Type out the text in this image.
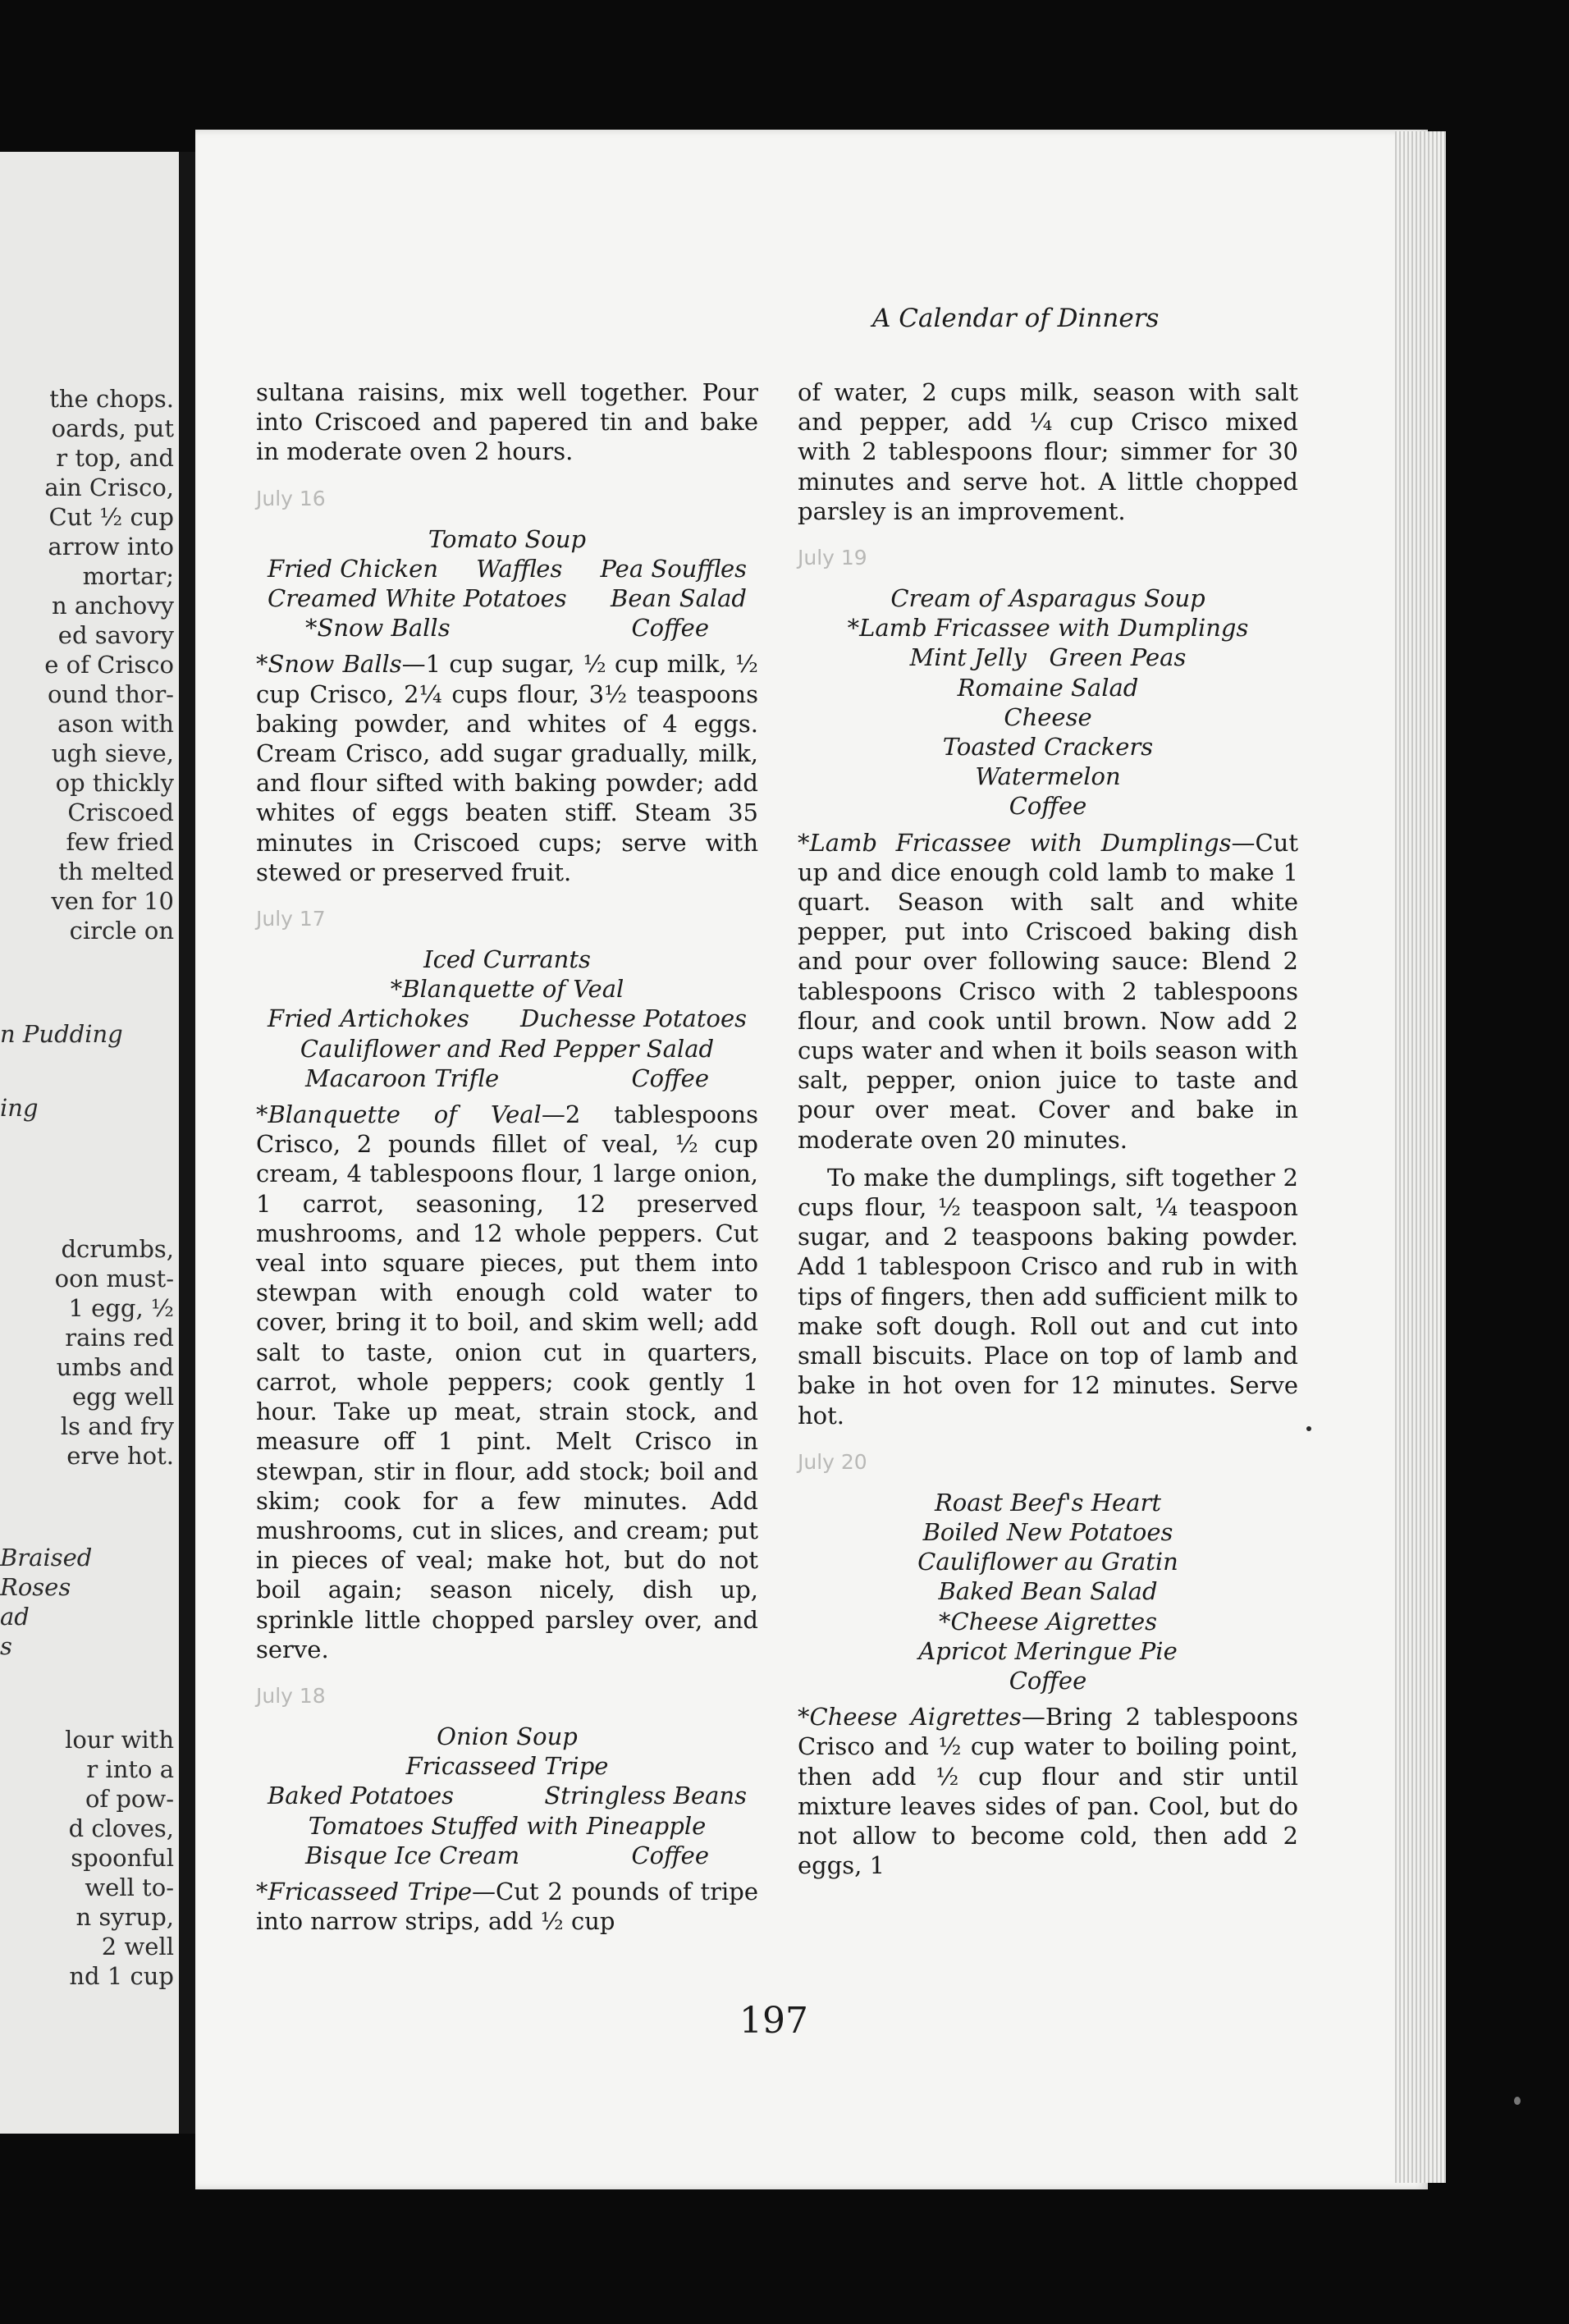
the chops.
oards, put
r top, and
ain Crisco,
Cut ½ cup
arrow into
mortar;
n anchovy
ed savory
e of Crisco
ound thor-
ason with
ugh sieve,
op thickly
Criscoed
few fried
th melted
ven for 10
circle on
n Pudding
ing
dcrumbs,
oon must-
1 egg, ½
rains red
umbs and
egg well
ls and fry
erve hot.
Braised
Roses
ad
s
lour with
r into a
of pow-
d cloves,
spoonful
well to-
n syrup,
2 well
nd 1 cup
A Calendar of Dinners

sultana raisins, mix well together. Pour into Criscoed and papered tin and bake in moderate oven 2 hours.

July 16
Tomato Soup
Fried Chicken Waffles Pea Souffles
Creamed White Potatoes Bean Salad
*Snow Balls	Coffee

*Snow Balls—1 cup sugar, ½ cup milk, ½ cup Crisco, 2¼ cups flour, 3½ teaspoons baking powder, and whites of 4 eggs. Cream Crisco, add sugar gradually, milk, and flour sifted with baking powder; add whites of eggs beaten stiff. Steam 35 minutes in Criscoed cups; serve with stewed or preserved fruit.

July 17
Iced Currants
*Blanquette of Veal
Fried Artichokes Duchesse Potatoes
Cauliflower and Red Pepper Salad
Macaroon Trifle	Coffee

*Blanquette of Veal—2 tablespoons Crisco, 2 pounds fillet of veal, ½ cup cream, 4 tablespoons flour, 1 large onion, 1 carrot, seasoning, 12 preserved mushrooms, and 12 whole peppers. Cut veal into square pieces, put them into stewpan with enough cold water to cover, bring it to boil, and skim well; add salt to taste, onion cut in quarters, carrot, whole peppers; cook gently 1 hour. Take up meat, strain stock, and measure off 1 pint. Melt Crisco in stewpan, stir in flour, add stock; boil and skim; cook for a few minutes. Add mushrooms, cut in slices, and cream; put in pieces of veal; make hot, but do not boil again; season nicely, dish up, sprinkle little chopped parsley over, and serve.

July 18
Onion Soup
Fricasseed Tripe
Baked Potatoes	Stringless Beans
Tomatoes Stuffed with Pineapple
Bisque Ice Cream	Coffee

*Fricasseed Tripe—Cut 2 pounds of tripe into narrow strips, add ½ cup

of water, 2 cups milk, season with salt and pepper, add ¼ cup Crisco mixed with 2 tablespoons flour; simmer for 30 minutes and serve hot. A little chopped parsley is an improvement.

July 19
Cream of Asparagus Soup
*Lamb Fricassee with Dumplings
Mint Jelly   Green Peas
Romaine Salad
Cheese
Toasted Crackers
Watermelon
Coffee

*Lamb Fricassee with Dumplings—Cut up and dice enough cold lamb to make 1 quart. Season with salt and white pepper, put into Criscoed baking dish and pour over following sauce: Blend 2 tablespoons Crisco with 2 tablespoons flour, and cook until brown. Now add 2 cups water and when it boils season with salt, pepper, onion juice to taste and pour over meat. Cover and bake in moderate oven 20 minutes.

To make the dumplings, sift together 2 cups flour, ½ teaspoon salt, ¼ teaspoon sugar, and 2 teaspoons baking powder. Add 1 tablespoon Crisco and rub in with tips of fingers, then add sufficient milk to make soft dough. Roll out and cut into small biscuits. Place on top of lamb and bake in hot oven for 12 minutes. Serve hot.

July 20
Roast Beef's Heart
Boiled New Potatoes
Cauliflower au Gratin
Baked Bean Salad
*Cheese Aigrettes
Apricot Meringue Pie
Coffee

*Cheese Aigrettes—Bring 2 tablespoons Crisco and ½ cup water to boiling point, then add ½ cup flour and stir until mixture leaves sides of pan. Cool, but do not allow to become cold, then add 2 eggs, 1

197
